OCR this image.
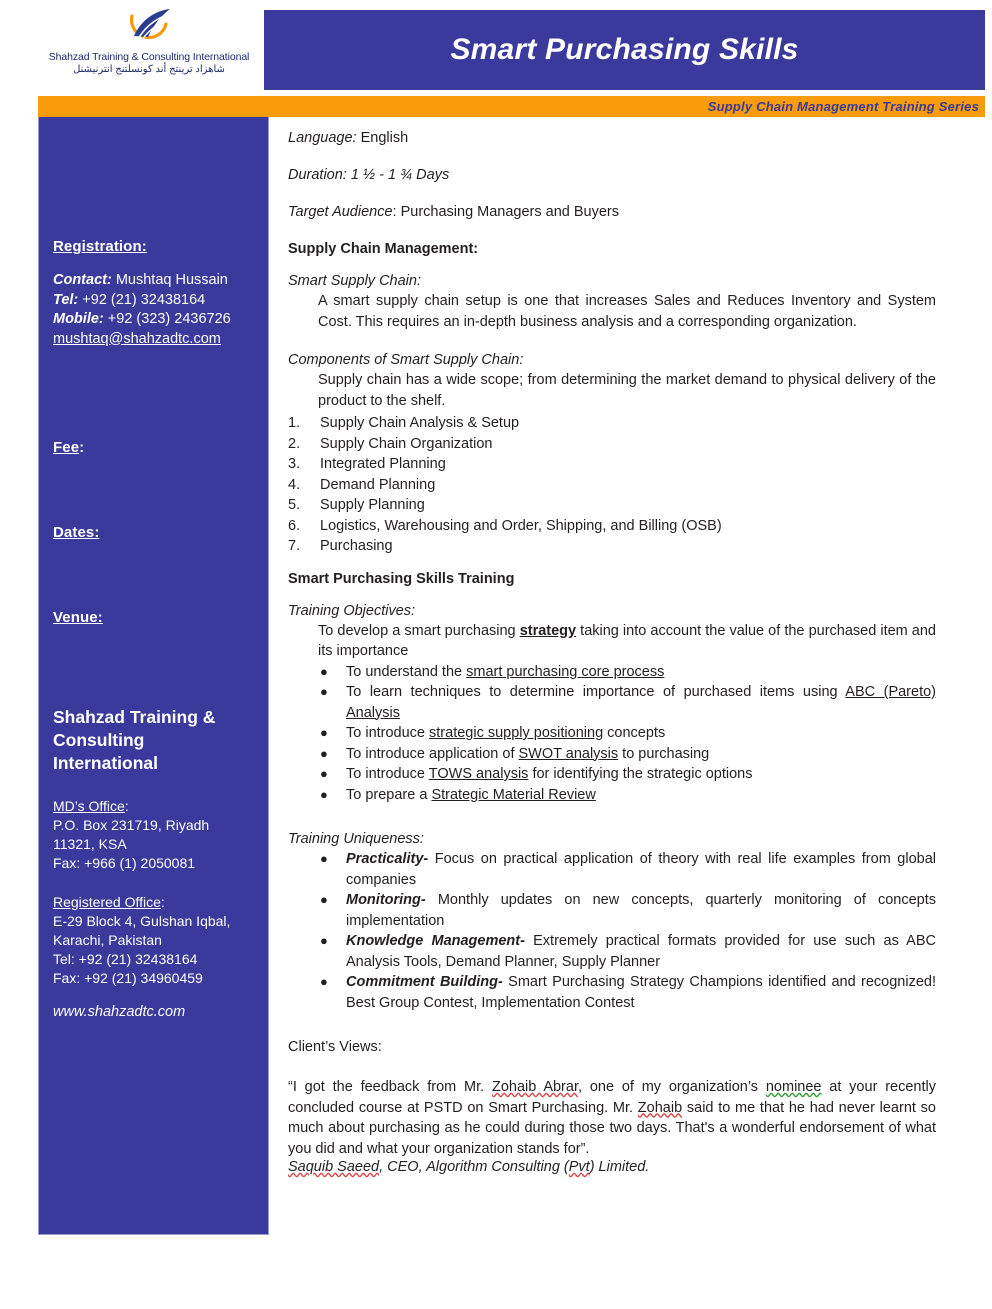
Shahzad Training & Consulting International
شاهزاد ترينتج أند كونسلتنج انترنيشنل
Smart Purchasing Skills
Supply Chain Management Training Series
Registration:
Contact: Mushtaq Hussain
Tel: +92 (21) 32438164
Mobile: +92 (323) 2436726
mushtaq@shahzadtc.com
Fee:
Dates:
Venue:
Shahzad Training & Consulting International
MD’s Office:
P.O. Box 231719, Riyadh
11321, KSA
Fax: +966 (1) 2050081
Registered Office:
E-29 Block 4, Gulshan Iqbal,
Karachi, Pakistan
Tel: +92 (21) 32438164
Fax: +92 (21) 34960459
www.shahzadtc.com
Language: English
Duration: 1 ½ - 1 ¾ Days
Target Audience: Purchasing Managers and Buyers
Supply Chain Management:
Smart Supply Chain:
A smart supply chain setup is one that increases Sales and Reduces Inventory and System Cost. This requires an in-depth business analysis and a corresponding organization.
Components of Smart Supply Chain:
Supply chain has a wide scope; from determining the market demand to physical delivery of the product to the shelf.
1.	Supply Chain Analysis & Setup
2.	Supply Chain Organization
3.	Integrated Planning
4.	Demand Planning
5.	Supply Planning
6.	Logistics, Warehousing and Order, Shipping, and Billing (OSB)
7.	Purchasing
Smart Purchasing Skills Training
Training Objectives:
To develop a smart purchasing strategy taking into account the value of the purchased item and its importance
● To understand the smart purchasing core process
● To learn techniques to determine importance of purchased items using ABC (Pareto) Analysis
● To introduce strategic supply positioning concepts
● To introduce application of SWOT analysis to purchasing
● To introduce TOWS analysis for identifying the strategic options
● To prepare a Strategic Material Review
Training Uniqueness:
● Practicality- Focus on practical application of theory with real life examples from global companies
● Monitoring- Monthly updates on new concepts, quarterly monitoring of concepts implementation
● Knowledge Management- Extremely practical formats provided for use such as ABC Analysis Tools, Demand Planner, Supply Planner
● Commitment Building- Smart Purchasing Strategy Champions identified and recognized! Best Group Contest, Implementation Contest
Client’s Views:
“I got the feedback from Mr. Zohaib Abrar, one of my organization’s nominee at your recently concluded course at PSTD on Smart Purchasing. Mr. Zohaib said to me that he had never learnt so much about purchasing as he could during those two days. That's a wonderful endorsement of what you did and what your organization stands for”.
Saquib Saeed, CEO, Algorithm Consulting (Pvt) Limited.
